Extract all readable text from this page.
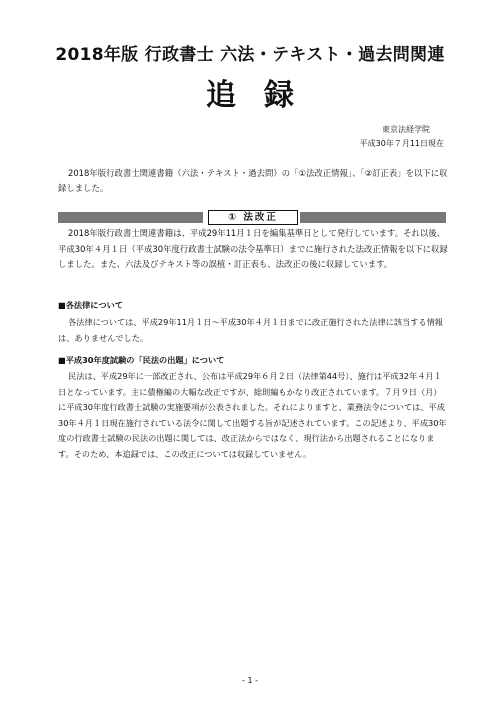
2018年版 行政書士 六法・テキスト・過去問関連
追録
東京法経学院
平成30年７月11日現在
2018年版行政書士関連書籍（六法・テキスト・過去問）の「①法改正情報」、「②訂正表」を以下に収録しました。
① 法改正
2018年版行政書士関連書籍は、平成29年11月１日を編集基準日として発行しています。それ以後、平成30年４月１日（平成30年度行政書士試験の法令基準日）までに施行された法改正情報を以下に収録しました。また、六法及びテキスト等の誤植・訂正表も、法改正の後に収録しています。
■各法律について
各法律については、平成29年11月１日～平成30年４月１日までに改正施行された法律に該当する情報は、ありませんでした。
■平成30年度試験の「民法の出題」について
民法は、平成29年に一部改正され、公布は平成29年６月２日（法律第44号）、施行は平成32年４月１日となっています。主に債権編の大幅な改正ですが、総則編もかなり改正されています。７月９日（月）に平成30年度行政書士試験の実施要項が公表されました。それによりますと、業務法令については、平成30年４月１日現在施行されている法令に関して出題する旨が記述されています。この記述より、平成30年度の行政書士試験の民法の出題に関しては、改正法からではなく、現行法から出題されることになります。そのため、本追録では、この改正については収録していません。
- 1 -
